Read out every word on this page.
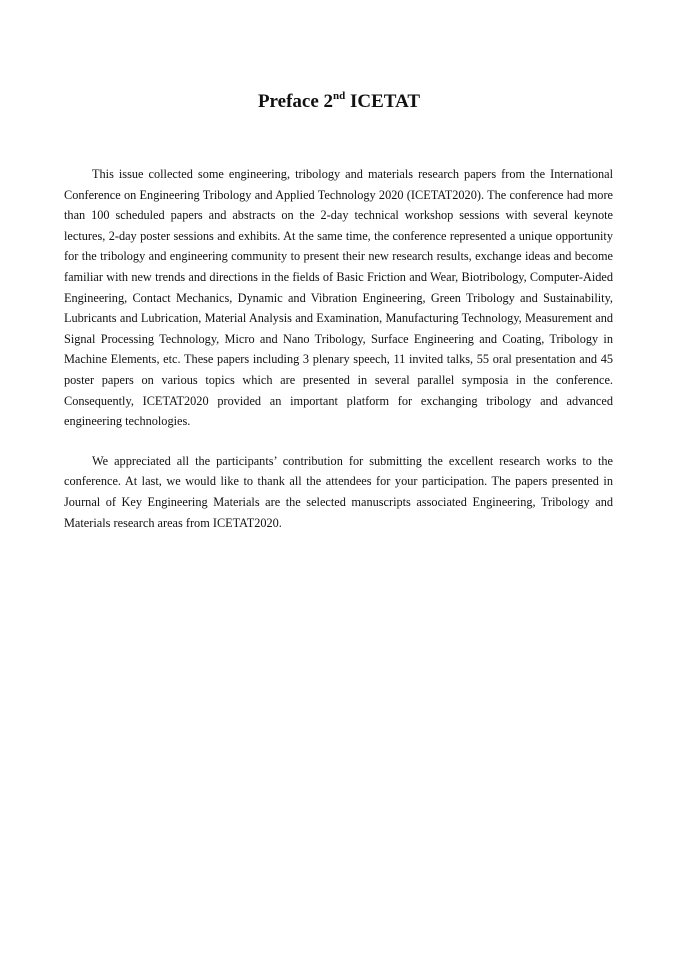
Preface 2nd ICETAT

This issue collected some engineering, tribology and materials research papers from the International Conference on Engineering Tribology and Applied Technology 2020 (ICETAT2020). The conference had more than 100 scheduled papers and abstracts on the 2-day technical workshop sessions with several keynote lectures, 2-day poster sessions and exhibits. At the same time, the conference represented a unique opportunity for the tribology and engineering community to present their new research results, exchange ideas and become familiar with new trends and directions in the fields of Basic Friction and Wear, Biotribology, Computer-Aided Engineering, Contact Mechanics, Dynamic and Vibration Engineering, Green Tribology and Sustainability, Lubricants and Lubrication, Material Analysis and Examination, Manufacturing Technology, Measurement and Signal Processing Technology, Micro and Nano Tribology, Surface Engineering and Coating, Tribology in Machine Elements, etc. These papers including 3 plenary speech, 11 invited talks, 55 oral presentation and 45 poster papers on various topics which are presented in several parallel symposia in the conference. Consequently, ICETAT2020 provided an important platform for exchanging tribology and advanced engineering technologies.

We appreciated all the participants’ contribution for submitting the excellent research works to the conference. At last, we would like to thank all the attendees for your participation. The papers presented in Journal of Key Engineering Materials are the selected manuscripts associated Engineering, Tribology and Materials research areas from ICETAT2020.
